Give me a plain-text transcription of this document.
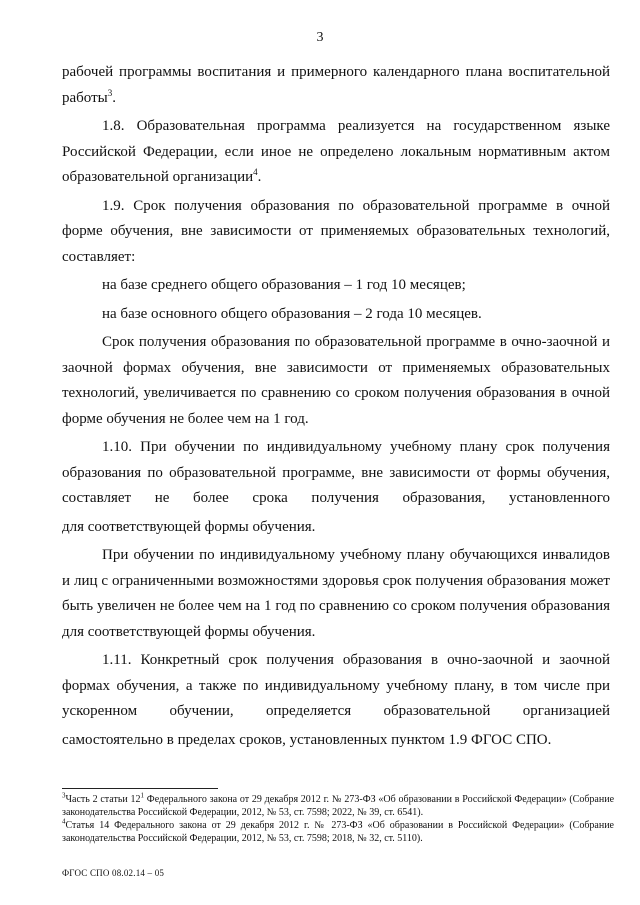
3

рабочей программы воспитания и примерного календарного плана воспитательной работы$^3$.

1.8. Образовательная программа реализуется на государственном языке Российской Федерации, если иное не определено локальным нормативным актом образовательной организации$^4$.

1.9. Срок получения образования по образовательной программе в очной форме обучения, вне зависимости от применяемых образовательных технологий, составляет:

на базе среднего общего образования – 1 год 10 месяцев;

на базе основного общего образования – 2 года 10 месяцев.

Срок получения образования по образовательной программе в очно-заочной и заочной формах обучения, вне зависимости от применяемых образовательных технологий, увеличивается по сравнению со сроком получения образования в очной форме обучения не более чем на 1 год.

1.10. При обучении по индивидуальному учебному плану срок получения образования по образовательной программе, вне зависимости от формы обучения, составляет не более срока получения образования, установленного

для соответствующей формы обучения.

При обучении по индивидуальному учебному плану обучающихся инвалидов и лиц с ограниченными возможностями здоровья срок получения образования может быть увеличен не более чем на 1 год по сравнению со сроком получения образования для соответствующей формы обучения.

1.11. Конкретный срок получения образования в очно-заочной и заочной формах обучения, а также по индивидуальному учебному плану, в том числе при ускоренном обучении, определяется образовательной организацией

самостоятельно в пределах сроков, установленных пунктом 1.9 ФГОС СПО.

$^3$Часть 2 статьи $12^1$ Федерального закона от 29 декабря 2012 г. № 273-ФЗ «Об образовании в Российской Федерации» (Собрание законодательства Российской Федерации, 2012, № 53, ст. 7598; 2022, № 39, ст. 6541).

$^4$Статья 14 Федерального закона от 29 декабря 2012 г. № 273-ФЗ «Об образовании в Российской Федерации» (Собрание законодательства Российской Федерации, 2012, № 53, ст. 7598; 2018, № 32, ст. 5110).

ФГОС СПО 08.02.14 – 05
